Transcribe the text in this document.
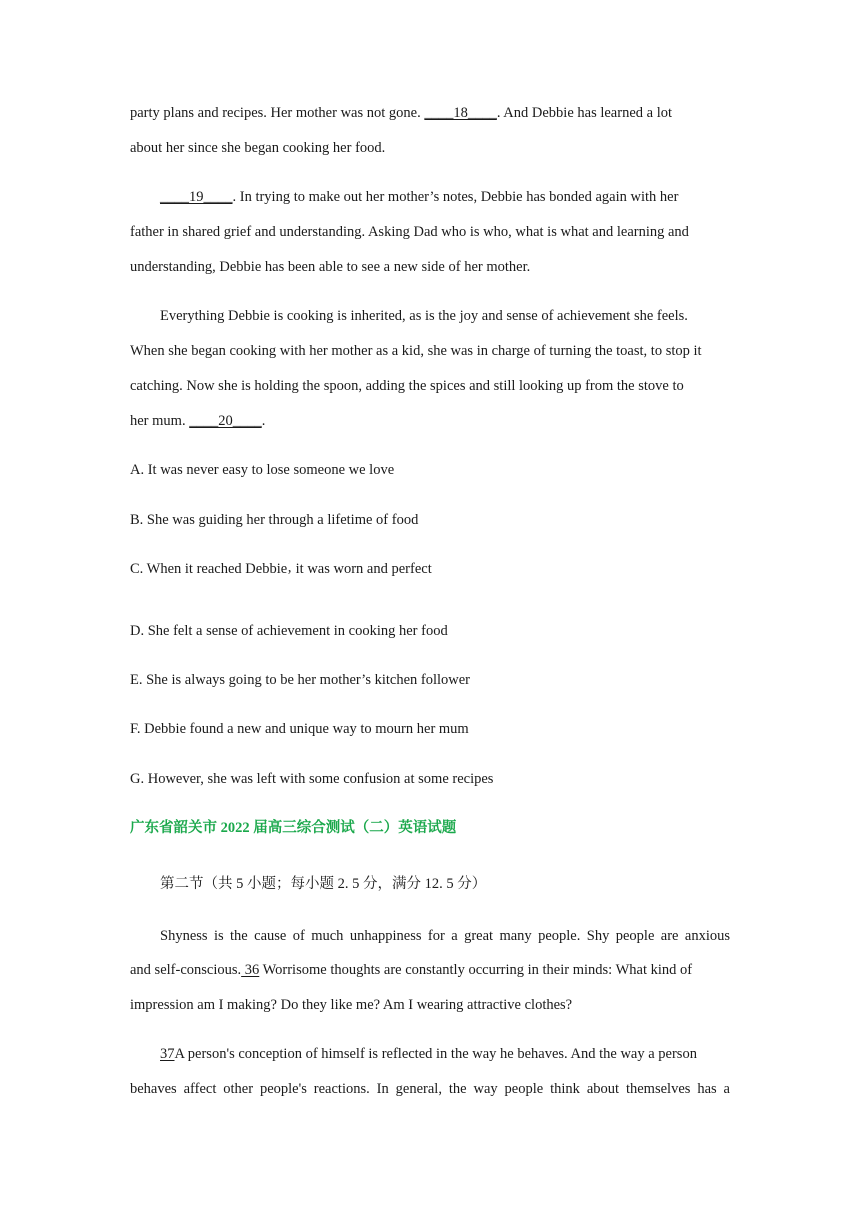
party plans and recipes. Her mother was not gone. ____18____. And Debbie has learned a lot
about her since she began cooking her food.
____19____. In trying to make out her mother’s notes, Debbie has bonded again with her
father in shared grief and understanding. Asking Dad who is who, what is what and learning and
understanding, Debbie has been able to see a new side of her mother.
Everything Debbie is cooking is inherited, as is the joy and sense of achievement she feels.
When she began cooking with her mother as a kid, she was in charge of turning the toast, to stop it
catching. Now she is holding the spoon, adding the spices and still looking up from the stove to
her mum. ____20____.
A. It was never easy to lose someone we love
B. She was guiding her through a lifetime of food
C. When it reached Debbieʼ it was worn and perfect
D. She felt a sense of achievement in cooking her food
E. She is always going to be her mother’s kitchen follower
F. Debbie found a new and unique way to mourn her mum
G. However, she was left with some confusion at some recipes
广东省韶关市 2022 届高三综合测试（二）英语试题
第二节（共 5 小题；每小题 2. 5 分，满分 12. 5 分）
Shyness is the cause of much unhappiness for a great many people. Shy people are anxious
and self-conscious. 36 Worrisome thoughts are constantly occurring in their minds: What kind of
impression am I making? Do they like me? Am I wearing attractive clothes?
37A person's conception of himself is reflected in the way he behaves. And the way a person
behaves affect other people's reactions. In general, the way people think about themselves has a
